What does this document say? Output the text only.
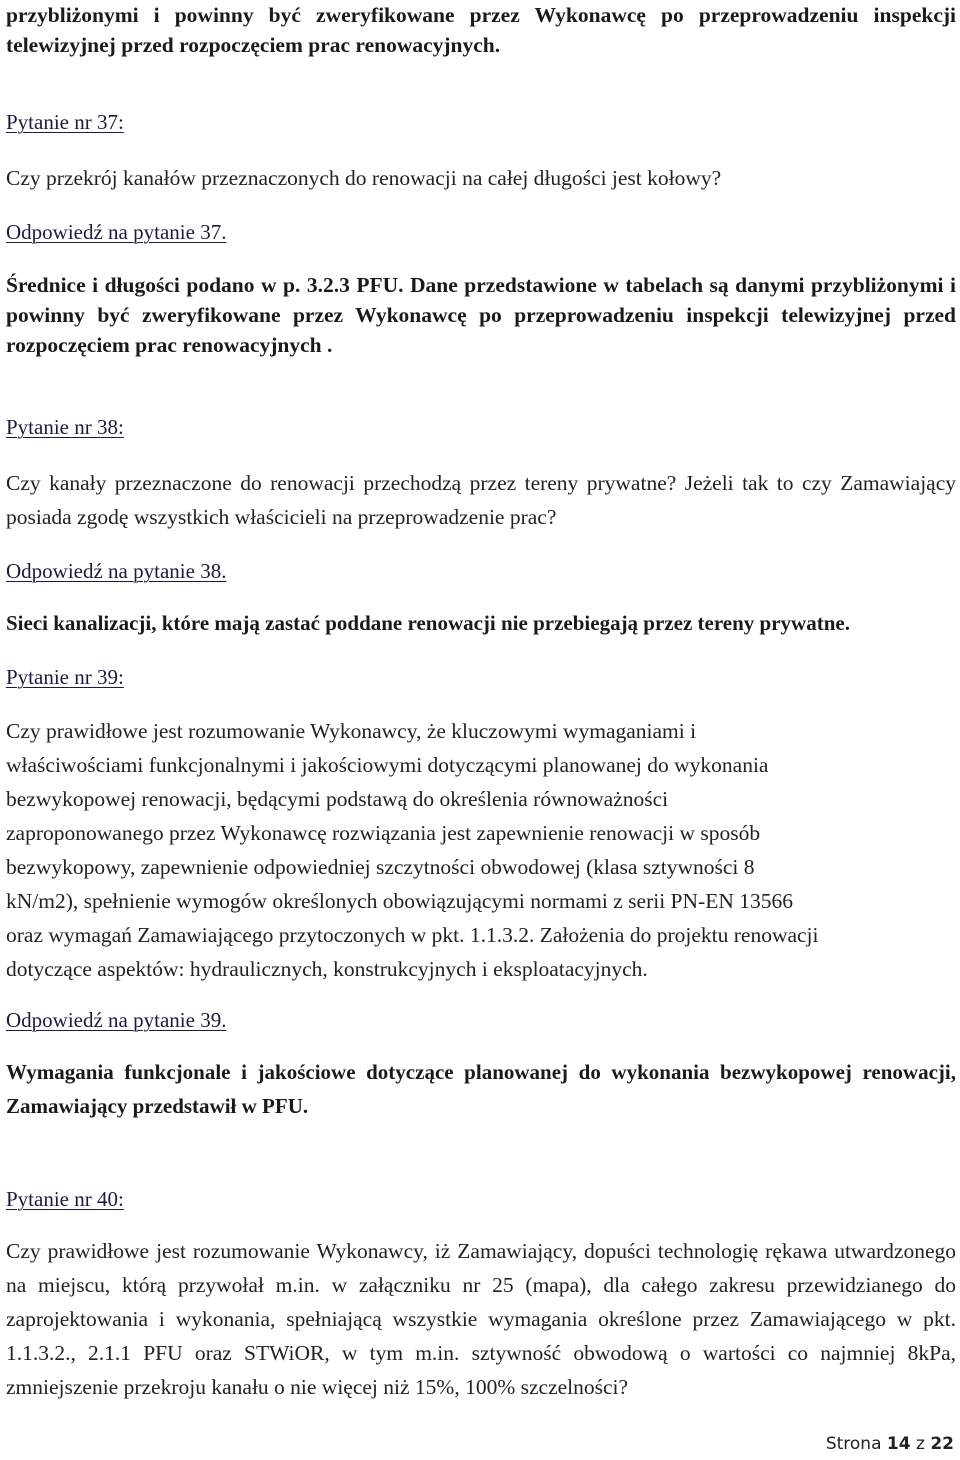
przybliżonymi i powinny być zweryfikowane przez Wykonawcę po przeprowadzeniu inspekcji telewizyjnej przed rozpoczęciem prac renowacyjnych.

Pytanie nr 37:

Czy przekrój kanałów przeznaczonych do renowacji na całej długości jest kołowy?

Odpowiedź na pytanie 37.

Średnice i długości podano w p. 3.2.3 PFU. Dane przedstawione w tabelach są danymi przybliżonymi i powinny być zweryfikowane przez Wykonawcę po przeprowadzeniu inspekcji telewizyjnej przed rozpoczęciem prac renowacyjnych .

Pytanie nr 38:

Czy kanały przeznaczone do renowacji przechodzą przez tereny prywatne? Jeżeli tak to czy Zamawiający posiada zgodę wszystkich właścicieli na przeprowadzenie prac?

Odpowiedź na pytanie 38.

Sieci kanalizacji, które mają zastać poddane renowacji nie przebiegają przez tereny prywatne.

Pytanie nr 39:
Czy prawidłowe jest rozumowanie Wykonawcy, że kluczowymi wymaganiami i
właściwościami funkcjonalnymi i jakościowymi dotyczącymi planowanej do wykonania
bezwykopowej renowacji, będącymi podstawą do określenia równoważności
zaproponowanego przez Wykonawcę rozwiązania jest zapewnienie renowacji w sposób
bezwykopowy, zapewnienie odpowiedniej szczytności obwodowej (klasa sztywności 8
kN/m2), spełnienie wymogów określonych obowiązującymi normami z serii PN-EN 13566
oraz wymagań Zamawiającego przytoczonych w pkt. 1.1.3.2. Założenia do projektu renowacji
dotyczące aspektów: hydraulicznych, konstrukcyjnych i eksploatacyjnych.
Odpowiedź na pytanie 39.

Wymagania funkcjonale i jakościowe dotyczące planowanej do wykonania bezwykopowej renowacji, Zamawiający przedstawił w PFU.

Pytanie nr 40:

Czy prawidłowe jest rozumowanie Wykonawcy, iż Zamawiający, dopuści technologię rękawa utwardzonego na miejscu, którą przywołał m.in. w załączniku nr 25 (mapa), dla całego zakresu przewidzianego do zaprojektowania i wykonania, spełniającą wszystkie wymagania określone przez Zamawiającego w pkt. 1.1.3.2., 2.1.1 PFU oraz STWiOR, w tym m.in. sztywność obwodową o wartości co najmniej 8kPa, zmniejszenie przekroju kanału o nie więcej niż 15%, 100% szczelności?

Strona 14 z 22
